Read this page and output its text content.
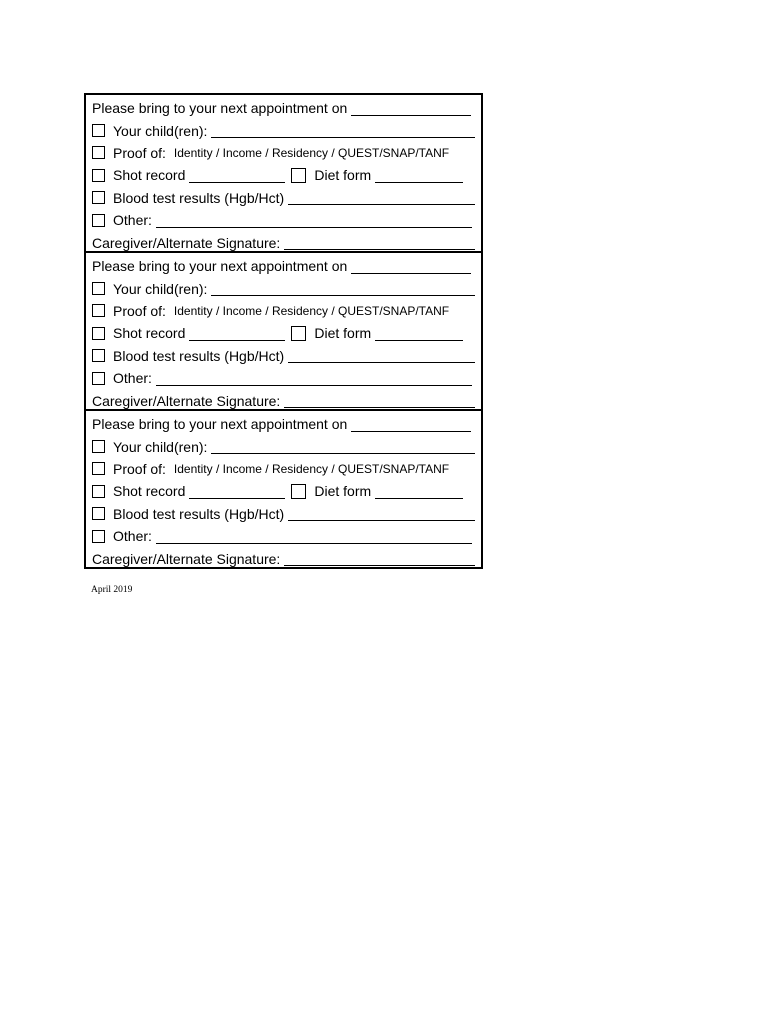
Please bring to your next appointment on
Your child(ren):
Proof of: Identity / Income / Residency / QUEST/SNAP/TANF
Shot record	Diet form
Blood test results (Hgb/Hct)
Other:
Caregiver/Alternate Signature:
Please bring to your next appointment on
Your child(ren):
Proof of: Identity / Income / Residency / QUEST/SNAP/TANF
Shot record	Diet form
Blood test results (Hgb/Hct)
Other:
Caregiver/Alternate Signature:
Please bring to your next appointment on
Your child(ren):
Proof of: Identity / Income / Residency / QUEST/SNAP/TANF
Shot record	Diet form
Blood test results (Hgb/Hct)
Other:
Caregiver/Alternate Signature:
April 2019
